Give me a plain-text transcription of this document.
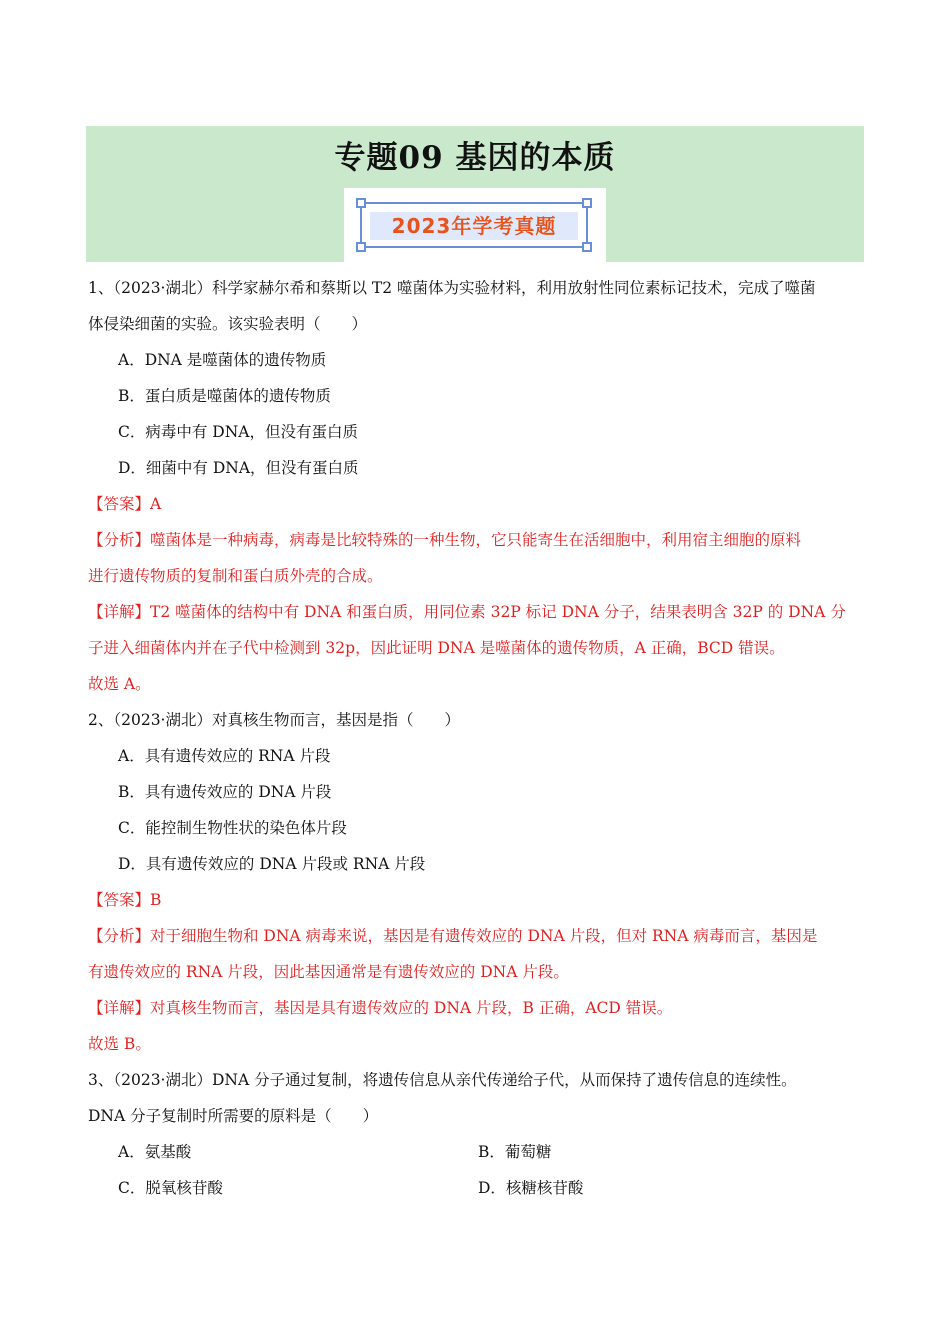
专题09 基因的本质
2023年学考真题
1、（2023·湖北）科学家赫尔希和蔡斯以 T2 噬菌体为实验材料，利用放射性同位素标记技术，完成了噬菌
体侵染细菌的实验。该实验表明（　　）
A．DNA 是噬菌体的遗传物质
B．蛋白质是噬菌体的遗传物质
C．病毒中有 DNA，但没有蛋白质
D．细菌中有 DNA，但没有蛋白质
【答案】A
【分析】噬菌体是一种病毒，病毒是比较特殊的一种生物，它只能寄生在活细胞中，利用宿主细胞的原料
进行遗传物质的复制和蛋白质外壳的合成。
【详解】T2 噬菌体的结构中有 DNA 和蛋白质，用同位素 32P 标记 DNA 分子，结果表明含 32P 的 DNA 分
子进入细菌体内并在子代中检测到 32p，因此证明 DNA 是噬菌体的遗传物质，A 正确，BCD 错误。
故选 A。
2、（2023·湖北）对真核生物而言，基因是指（　　）
A．具有遗传效应的 RNA 片段
B．具有遗传效应的 DNA 片段
C．能控制生物性状的染色体片段
D．具有遗传效应的 DNA 片段或 RNA 片段
【答案】B
【分析】对于细胞生物和 DNA 病毒来说，基因是有遗传效应的 DNA 片段，但对 RNA 病毒而言，基因是
有遗传效应的 RNA 片段，因此基因通常是有遗传效应的 DNA 片段。
【详解】对真核生物而言，基因是具有遗传效应的 DNA 片段，B 正确，ACD 错误。
故选 B。
3、（2023·湖北）DNA 分子通过复制，将遗传信息从亲代传递给子代，从而保持了遗传信息的连续性。
DNA 分子复制时所需要的原料是（　　）
A．氨基酸	B．葡萄糖
C．脱氧核苷酸	D．核糖核苷酸
